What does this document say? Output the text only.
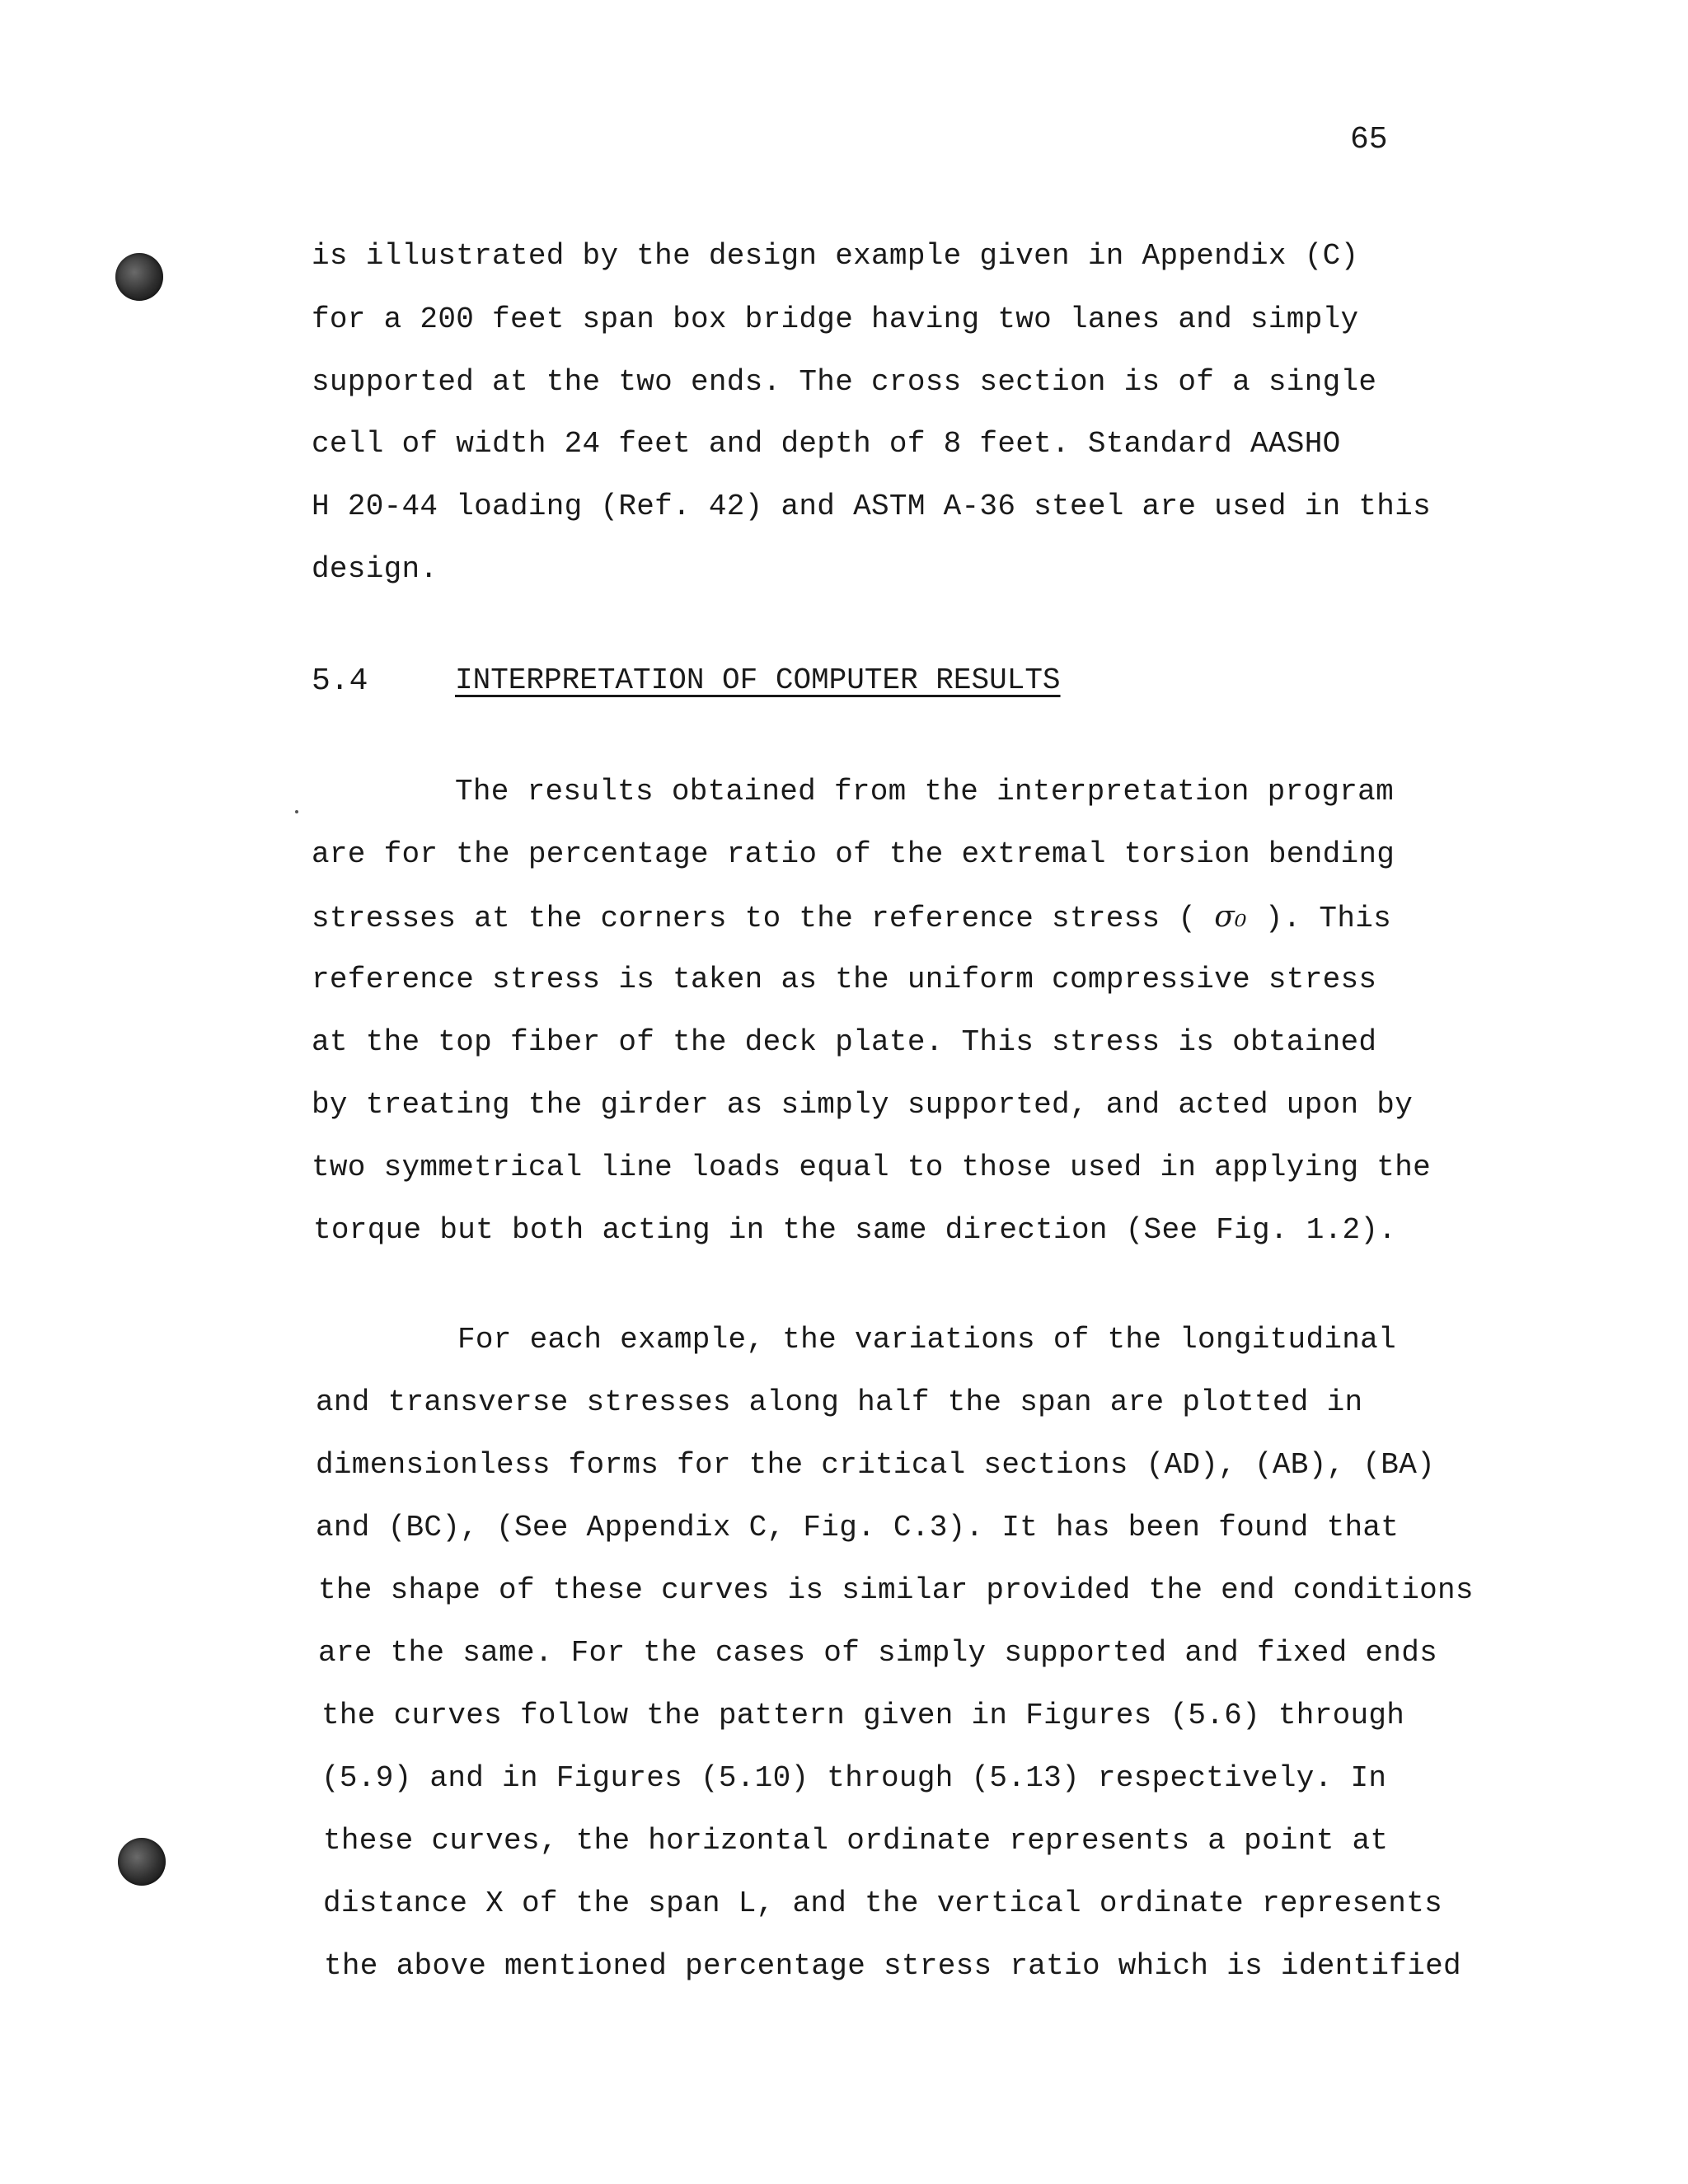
65
is illustrated by the design example given in Appendix (C)
for a 200 feet span box bridge having two lanes and simply
supported at the two ends. The cross section is of a single
cell of width 24 feet and depth of 8 feet. Standard AASHO
H 20-44 loading (Ref. 42) and ASTM A-36 steel are used in this
design.
5.4	INTERPRETATION OF COMPUTER RESULTS
The results obtained from the interpretation program
are for the percentage ratio of the extremal torsion bending
stresses at the corners to the reference stress ( σ₀ ). This
reference stress is taken as the uniform compressive stress
at the top fiber of the deck plate. This stress is obtained
by treating the girder as simply supported, and acted upon by
two symmetrical line loads equal to those used in applying the
torque but both acting in the same direction (See Fig. 1.2).
For each example, the variations of the longitudinal
and transverse stresses along half the span are plotted in
dimensionless forms for the critical sections (AD), (AB), (BA)
and (BC), (See Appendix C, Fig. C.3). It has been found that
the shape of these curves is similar provided the end conditions
are the same. For the cases of simply supported and fixed ends
the curves follow the pattern given in Figures (5.6) through
(5.9) and in Figures (5.10) through (5.13) respectively. In
these curves, the horizontal ordinate represents a point at
distance X of the span L, and the vertical ordinate represents
the above mentioned percentage stress ratio which is identified
